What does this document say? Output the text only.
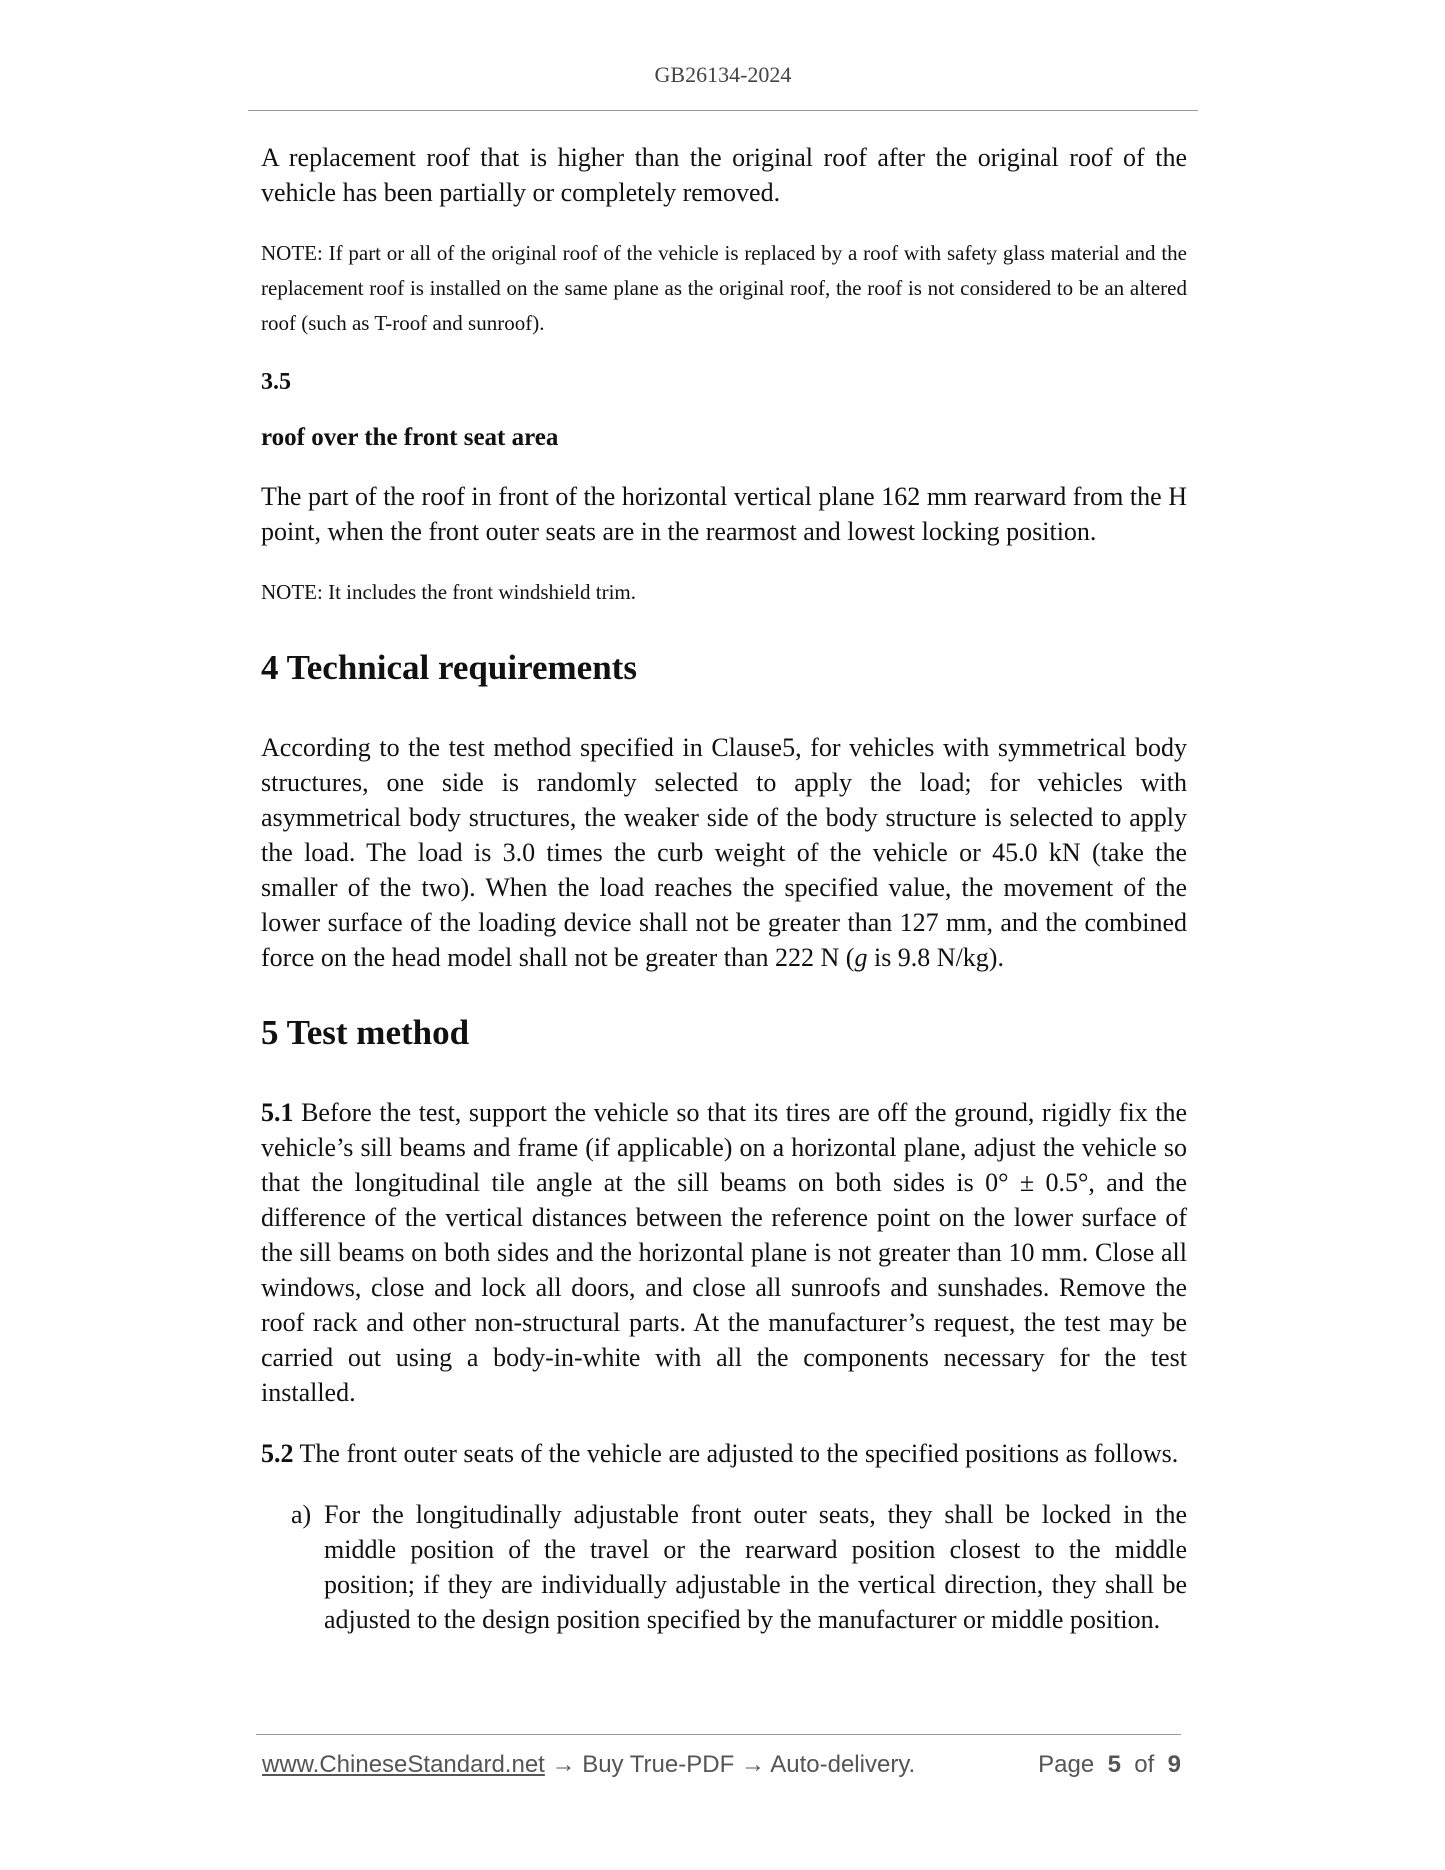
GB26134-2024

A replacement roof that is higher than the original roof after the original roof of the vehicle has been partially or completely removed.

NOTE: If part or all of the original roof of the vehicle is replaced by a roof with safety glass material and the replacement roof is installed on the same plane as the original roof, the roof is not considered to be an altered roof (such as T-roof and sunroof).

3.5
roof over the front seat area

The part of the roof in front of the horizontal vertical plane 162 mm rearward from the H point, when the front outer seats are in the rearmost and lowest locking position.

NOTE: It includes the front windshield trim.

4 Technical requirements

According to the test method specified in Clause5, for vehicles with symmetrical body structures, one side is randomly selected to apply the load; for vehicles with asymmetrical body structures, the weaker side of the body structure is selected to apply the load. The load is 3.0 times the curb weight of the vehicle or 45.0 kN (take the smaller of the two). When the load reaches the specified value, the movement of the lower surface of the loading device shall not be greater than 127 mm, and the combined force on the head model shall not be greater than 222 N (g is 9.8 N/kg).

5 Test method

5.1 Before the test, support the vehicle so that its tires are off the ground, rigidly fix the vehicle’s sill beams and frame (if applicable) on a horizontal plane, adjust the vehicle so that the longitudinal tile angle at the sill beams on both sides is 0° ± 0.5°, and the difference of the vertical distances between the reference point on the lower surface of the sill beams on both sides and the horizontal plane is not greater than 10 mm. Close all windows, close and lock all doors, and close all sunroofs and sunshades. Remove the roof rack and other non-structural parts. At the manufacturer’s request, the test may be carried out using a body-in-white with all the components necessary for the test installed.

5.2 The front outer seats of the vehicle are adjusted to the specified positions as follows.

a) For the longitudinally adjustable front outer seats, they shall be locked in the middle position of the travel or the rearward position closest to the middle position; if they are individually adjustable in the vertical direction, they shall be adjusted to the design position specified by the manufacturer or middle position.
www.ChineseStandard.net → Buy True-PDF → Auto-delivery.	Page 5 of 9
